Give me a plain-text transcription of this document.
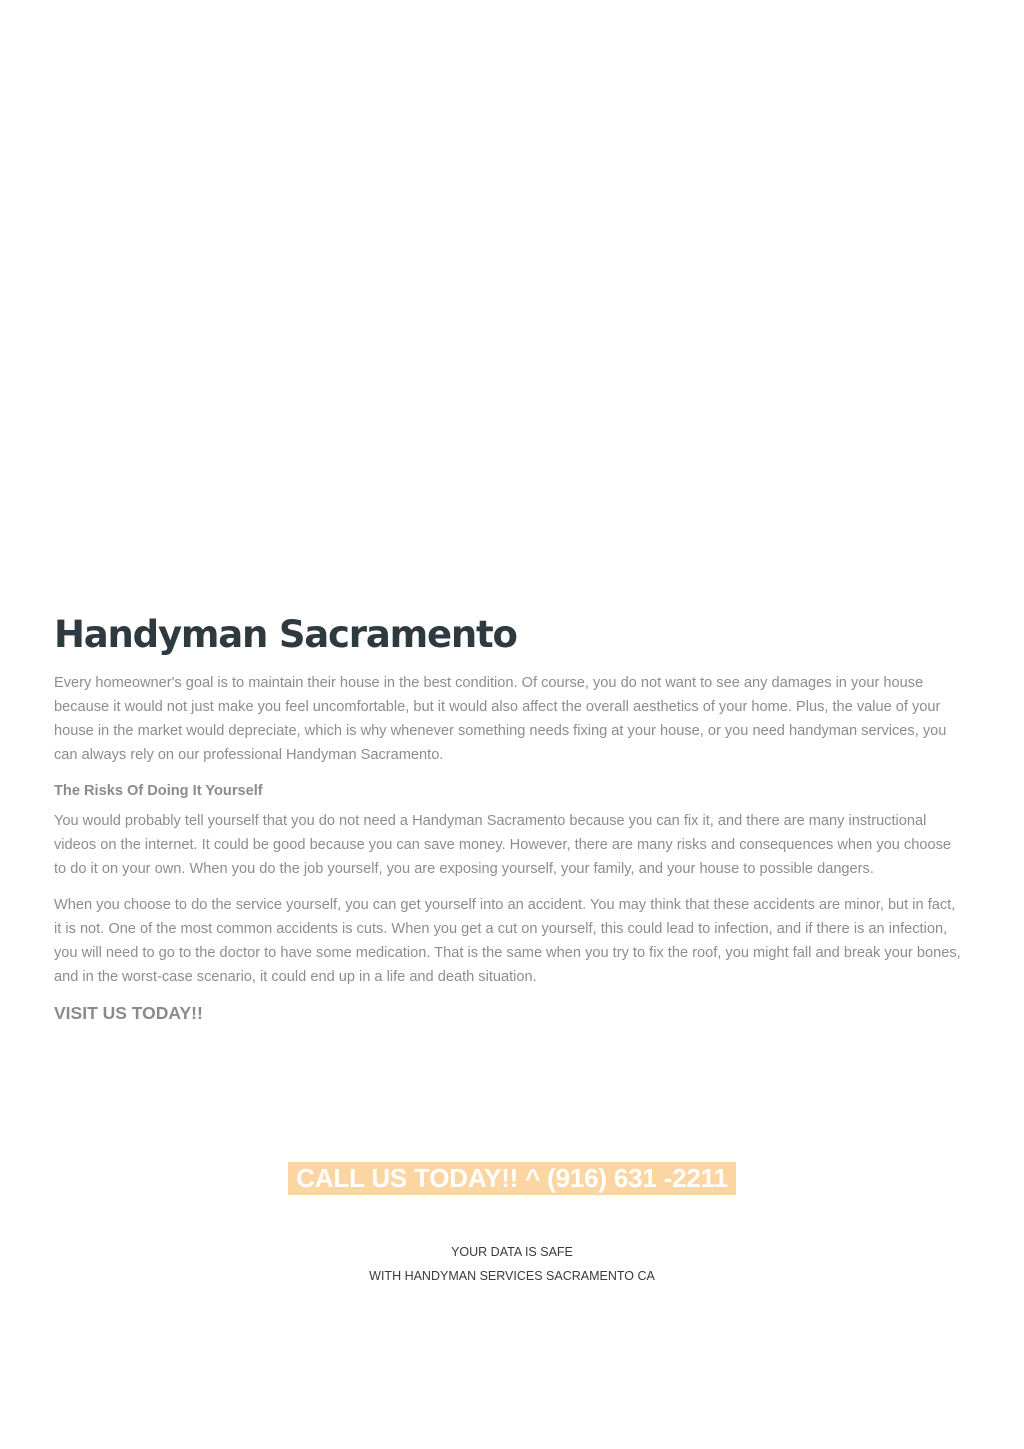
Handyman Sacramento

Every homeowner's goal is to maintain their house in the best condition. Of course, you do not want to see any damages in your house because it would not just make you feel uncomfortable, but it would also affect the overall aesthetics of your home. Plus, the value of your house in the market would depreciate, which is why whenever something needs fixing at your house, or you need handyman services, you can always rely on our professional Handyman Sacramento.

The Risks Of Doing It Yourself

You would probably tell yourself that you do not need a Handyman Sacramento because you can fix it, and there are many instructional videos on the internet. It could be good because you can save money. However, there are many risks and consequences when you choose to do it on your own. When you do the job yourself, you are exposing yourself, your family, and your house to possible dangers.

When you choose to do the service yourself, you can get yourself into an accident. You may think that these accidents are minor, but in fact, it is not. One of the most common accidents is cuts. When you get a cut on yourself, this could lead to infection, and if there is an infection, you will need to go to the doctor to have some medication. That is the same when you try to fix the roof, you might fall and break your bones, and in the worst-case scenario, it could end up in a life and death situation.

VISIT US TODAY!!
CALL US TODAY!! ^ (916) 631 -2211
YOUR DATA IS SAFE
WITH HANDYMAN SERVICES SACRAMENTO CA
